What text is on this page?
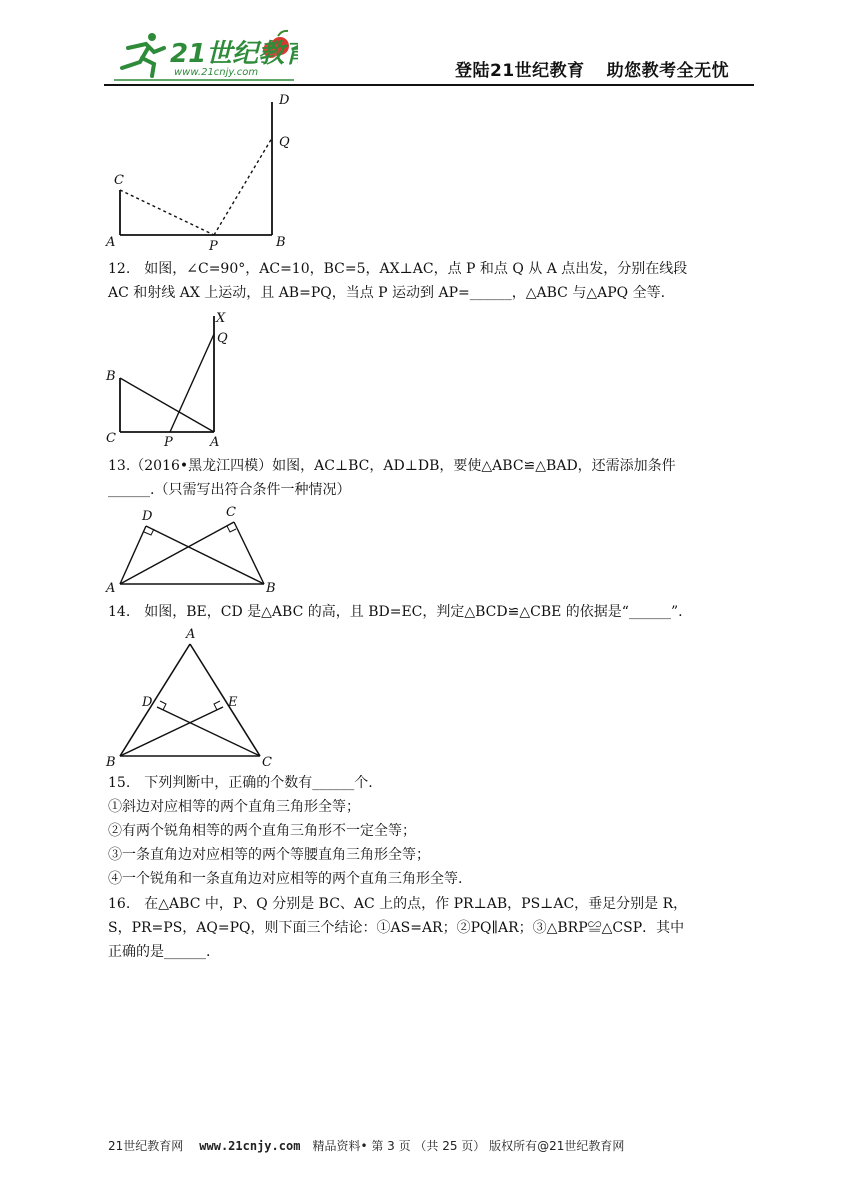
21世纪教育
www.21cnjy.com	登陆21世纪教育 助您教考全无忧
D
Q
C
A	P	B
12.　如图，∠C=90°，AC=10，BC=5，AX⊥AC，点 P 和点 Q 从 A 点出发，分别在线段
AC 和射线 AX 上运动，且 AB=PQ，当点 P 运动到 AP=______，△ABC 与△APQ 全等.
X
Q
B
C	P	A
13.（2016•黑龙江四模）如图，AC⊥BC，AD⊥DB，要使△ABC≌△BAD，还需添加条件
______.（只需写出符合条件一种情况）
D	C
A	B
14.　如图，BE，CD 是△ABC 的高，且 BD=EC，判定△BCD≌△CBE 的依据是“______”.
A
D	E
B	C
15.　下列判断中，正确的个数有______个.
①斜边对应相等的两个直角三角形全等；
②有两个锐角相等的两个直角三角形不一定全等；
③一条直角边对应相等的两个等腰直角三角形全等；
④一个锐角和一条直角边对应相等的两个直角三角形全等.
16.　在△ABC 中，P、Q 分别是 BC、AC 上的点，作 PR⊥AB，PS⊥AC，垂足分别是 R，
S，PR=PS，AQ=PQ，则下面三个结论：①AS=AR；②PQ∥AR；③△BRP≌△CSP．其中
正确的是______.
21世纪教育网 www.21cnjy.com 精品资料• 第 3 页 （共 25 页） 版权所有@21世纪教育网
